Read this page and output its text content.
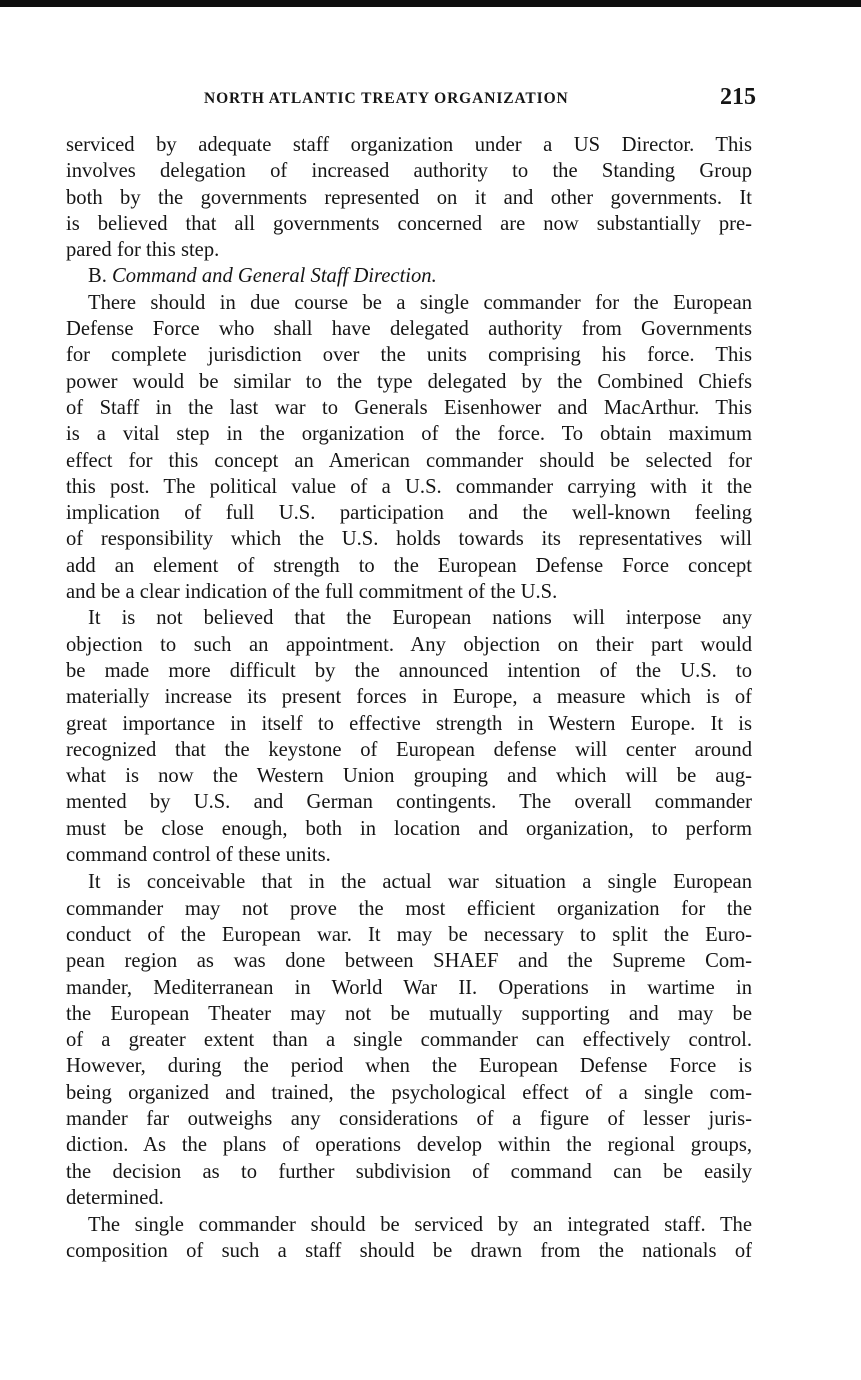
NORTH ATLANTIC TREATY ORGANIZATION	215
serviced by adequate staff organization under a US Director. This
involves delegation of increased authority to the Standing Group
both by the governments represented on it and other governments. It
is believed that all governments concerned are now substantially pre-
pared for this step.
B. Command and General Staff Direction.
There should in due course be a single commander for the European
Defense Force who shall have delegated authority from Governments
for complete jurisdiction over the units comprising his force. This
power would be similar to the type delegated by the Combined Chiefs
of Staff in the last war to Generals Eisenhower and MacArthur. This
is a vital step in the organization of the force. To obtain maximum
effect for this concept an American commander should be selected for
this post. The political value of a U.S. commander carrying with it the
implication of full U.S. participation and the well-known feeling
of responsibility which the U.S. holds towards its representatives will
add an element of strength to the European Defense Force concept
and be a clear indication of the full commitment of the U.S.
It is not believed that the European nations will interpose any
objection to such an appointment. Any objection on their part would
be made more difficult by the announced intention of the U.S. to
materially increase its present forces in Europe, a measure which is of
great importance in itself to effective strength in Western Europe. It is
recognized that the keystone of European defense will center around
what is now the Western Union grouping and which will be aug-
mented by U.S. and German contingents. The overall commander
must be close enough, both in location and organization, to perform
command control of these units.
It is conceivable that in the actual war situation a single European
commander may not prove the most efficient organization for the
conduct of the European war. It may be necessary to split the Euro-
pean region as was done between SHAEF and the Supreme Com-
mander, Mediterranean in World War II. Operations in wartime in
the European Theater may not be mutually supporting and may be
of a greater extent than a single commander can effectively control.
However, during the period when the European Defense Force is
being organized and trained, the psychological effect of a single com-
mander far outweighs any considerations of a figure of lesser juris-
diction. As the plans of operations develop within the regional groups,
the decision as to further subdivision of command can be easily
determined.
The single commander should be serviced by an integrated staff. The
composition of such a staff should be drawn from the nationals of
